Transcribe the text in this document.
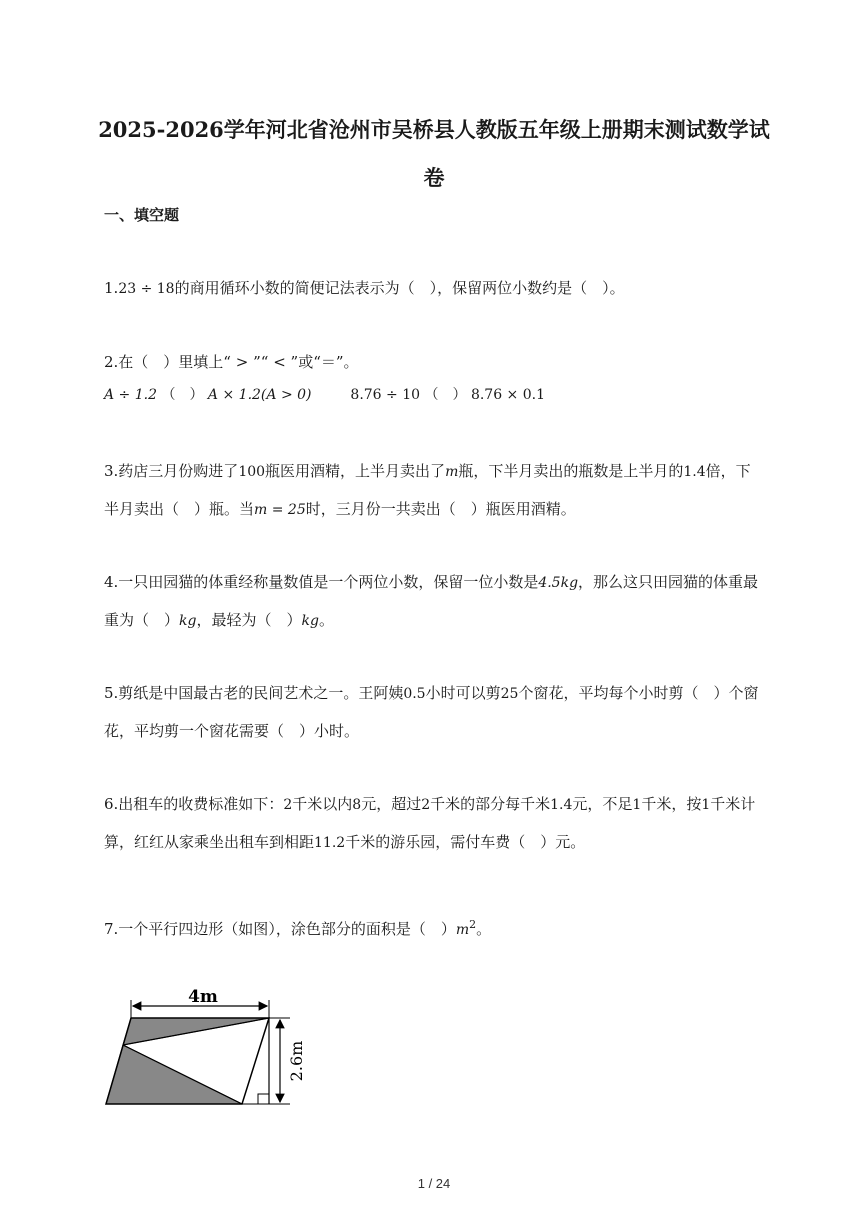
2025-2026学年河北省沧州市吴桥县人教版五年级上册期末测试数学试
卷
一、填空题
1.23 ÷ 18的商用循环小数的简便记法表示为（　），保留两位小数约是（　）。
2.在（　）里填上“ > ”“ < ”或“＝”。
A ÷ 1.2 （　） A × 1.2(A > 0)	8.76 ÷ 10 （　） 8.76 × 0.1
3.药店三月份购进了100瓶医用酒精，上半月卖出了m瓶，下半月卖出的瓶数是上半月的1.4倍，下
半月卖出（　）瓶。当m = 25时，三月份一共卖出（　）瓶医用酒精。
4.一只田园猫的体重经称量数值是一个两位小数，保留一位小数是4.5kg，那么这只田园猫的体重最
重为（　）kg，最轻为（　）kg。
5.剪纸是中国最古老的民间艺术之一。王阿姨0.5小时可以剪25个窗花，平均每个小时剪（　）个窗
花，平均剪一个窗花需要（　）小时。
6.出租车的收费标准如下：2千米以内8元，超过2千米的部分每千米1.4元，不足1千米，按1千米计
算，红红从家乘坐出租车到相距11.2千米的游乐园，需付车费（　）元。
7.一个平行四边形（如图），涂色部分的面积是（　）$m^2$。
4m
2.6m
1 / 24
